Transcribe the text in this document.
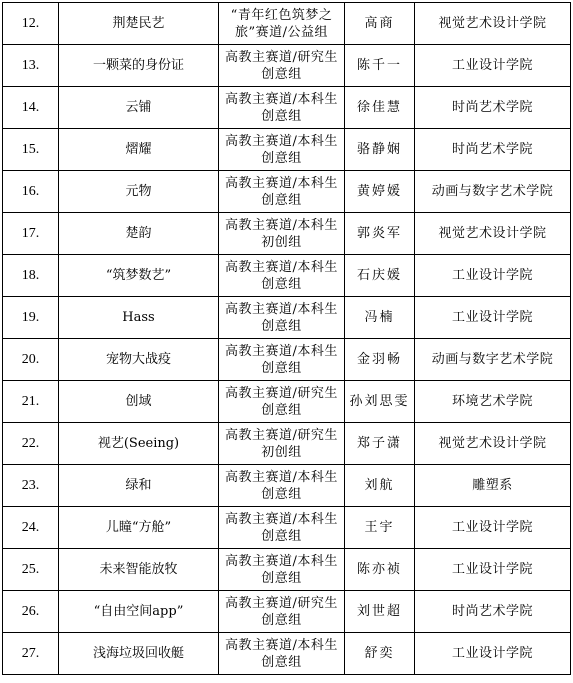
12.	荆楚民艺	“青年红色筑梦之旅”赛道/公益组	高商	视觉艺术设计学院
13.	一颗菜的身份证	高教主赛道/研究生创意组	陈千一	工业设计学院
14.	云铺	高教主赛道/本科生创意组	徐佳慧	时尚艺术学院
15.	熠耀	高教主赛道/本科生创意组	骆静娴	时尚艺术学院
16.	元物	高教主赛道/本科生创意组	黄婷媛	动画与数字艺术学院
17.	楚韵	高教主赛道/本科生初创组	郭炎军	视觉艺术设计学院
18.	“筑梦数艺”	高教主赛道/本科生创意组	石庆媛	工业设计学院
19.	Hass	高教主赛道/本科生创意组	冯楠	工业设计学院
20.	宠物大战疫	高教主赛道/本科生创意组	金羽畅	动画与数字艺术学院
21.	创域	高教主赛道/研究生创意组	孙刘思雯	环境艺术学院
22.	视艺(Seeing)	高教主赛道/研究生初创组	郑子潇	视觉艺术设计学院
23.	绿和	高教主赛道/本科生创意组	刘航	雕塑系
24.	儿瞳“方舱”	高教主赛道/本科生创意组	王宇	工业设计学院
25.	未来智能放牧	高教主赛道/本科生创意组	陈亦祯	工业设计学院
26.	“自由空间app”	高教主赛道/研究生创意组	刘世超	时尚艺术学院
27.	浅海垃圾回收艇	高教主赛道/本科生创意组	舒奕	工业设计学院
